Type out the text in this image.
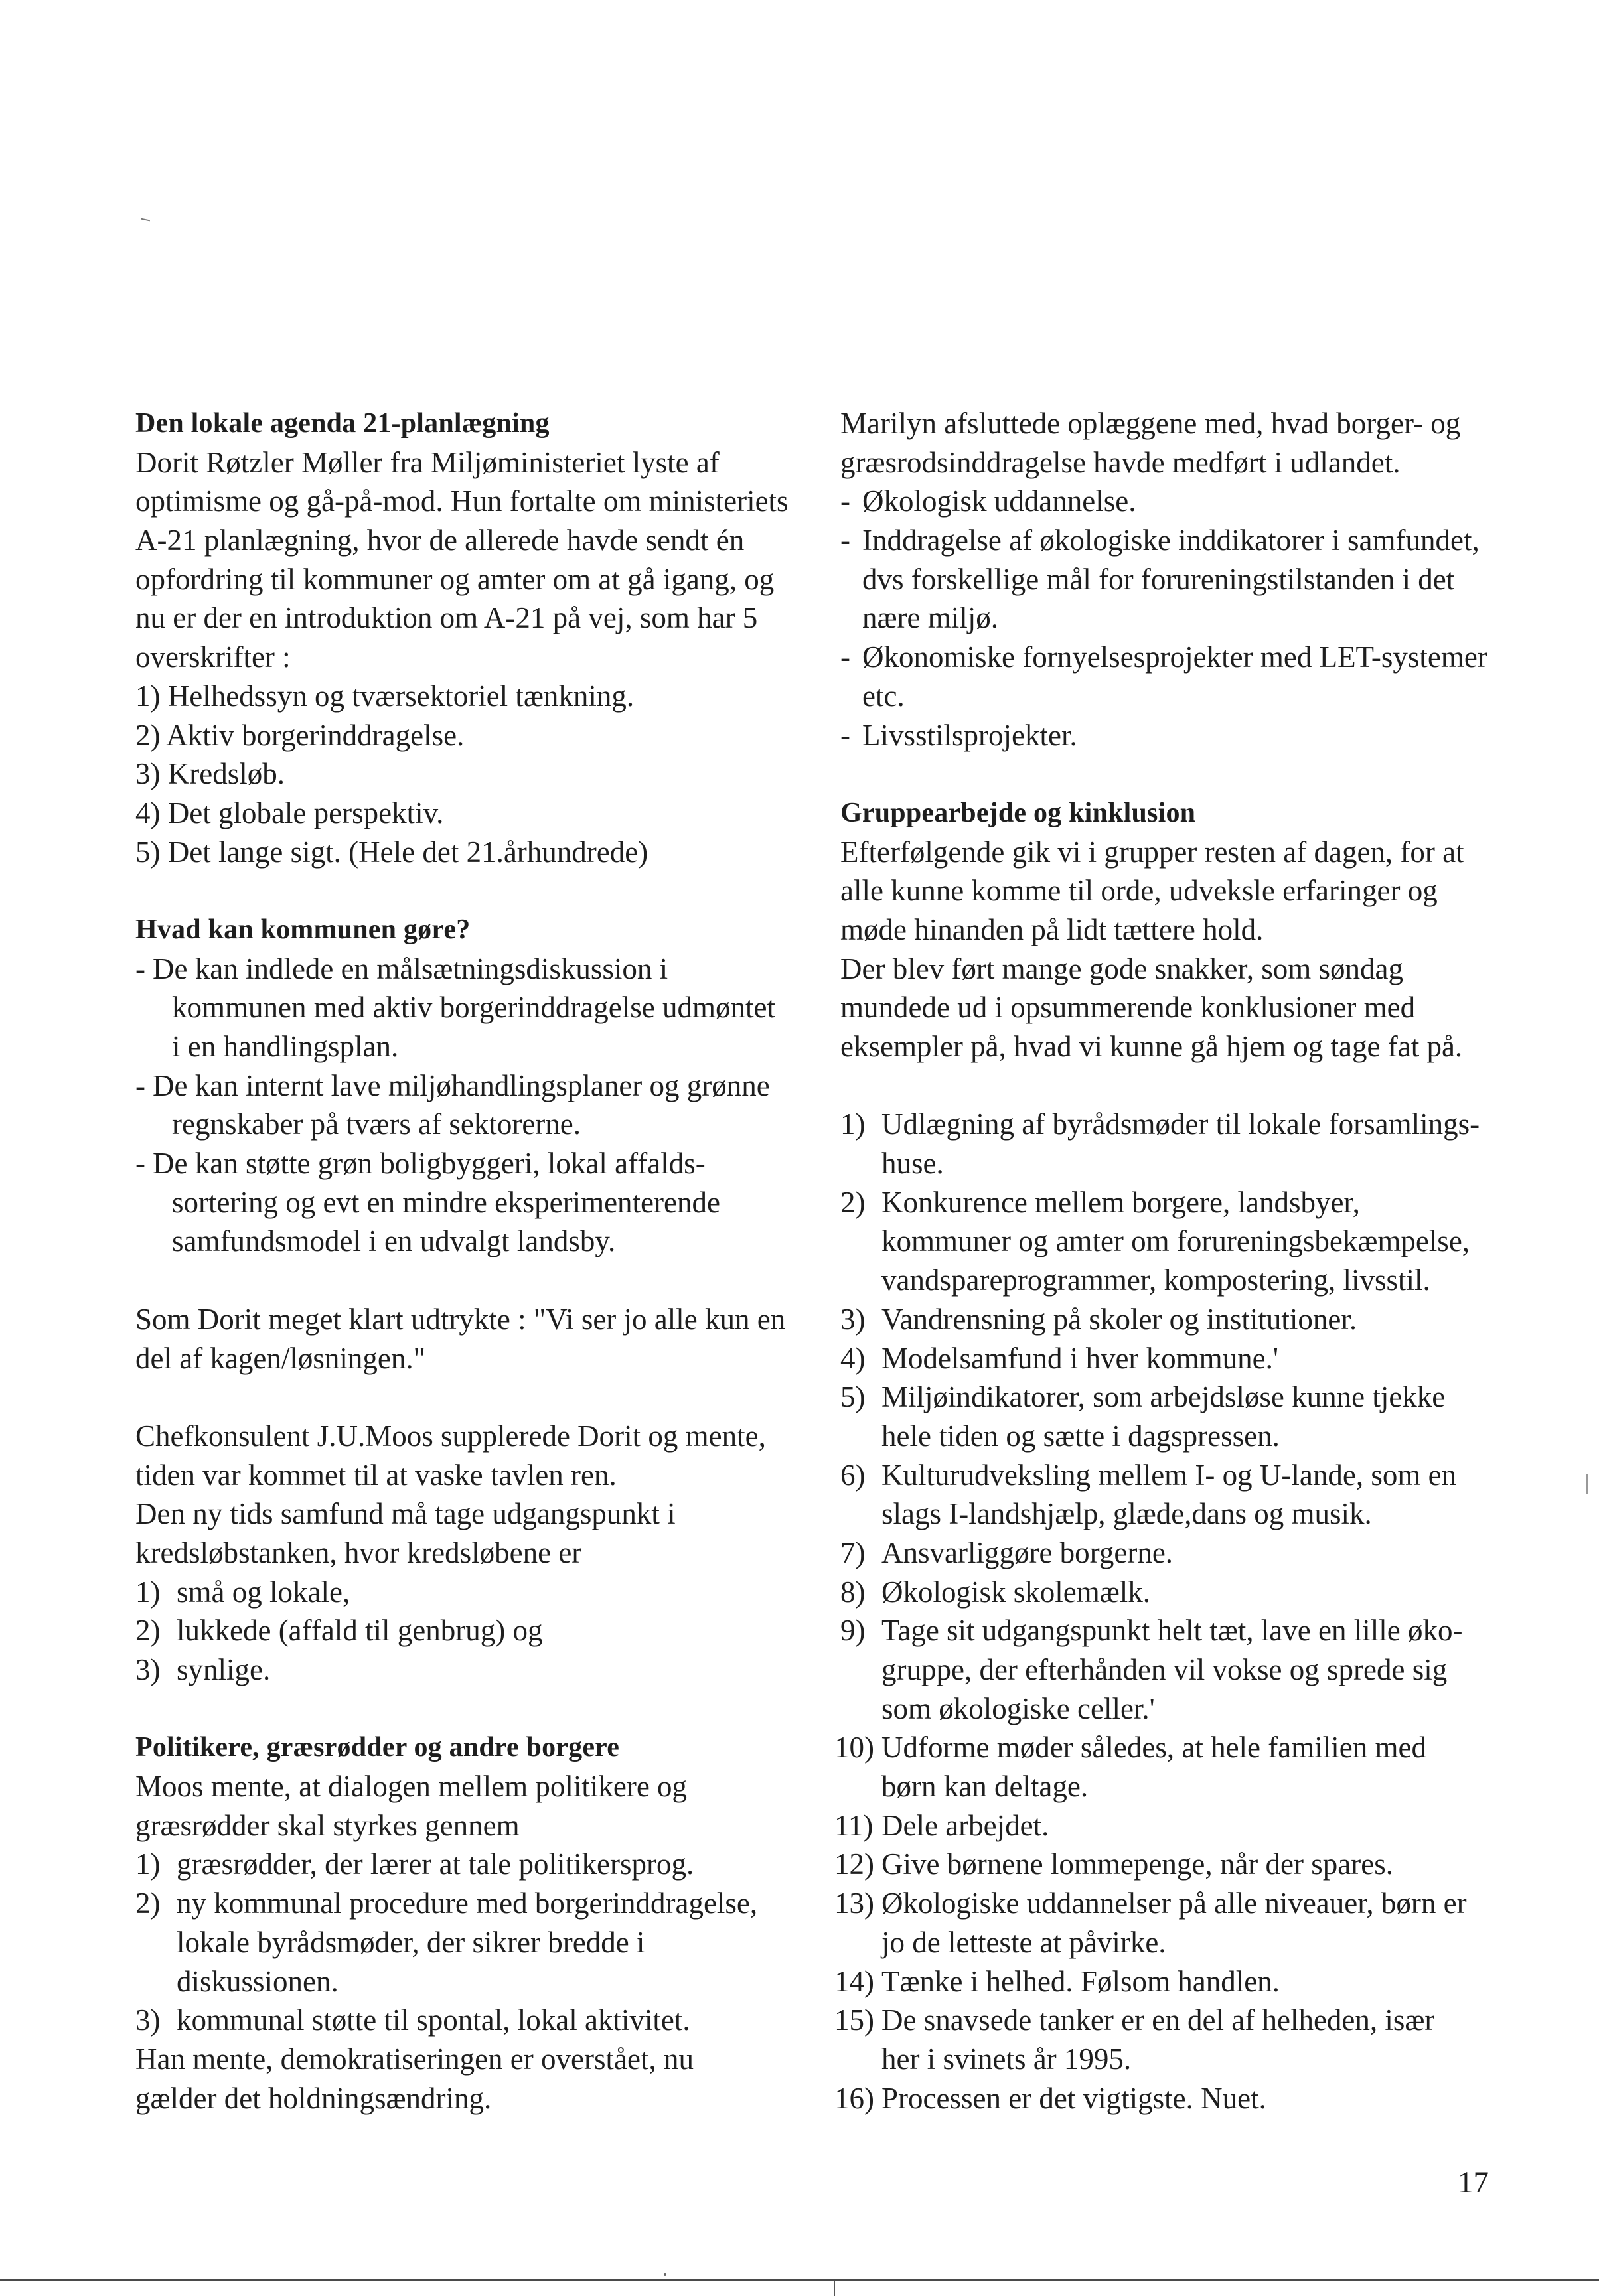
Den lokale agenda 21-planlægning
Dorit Røtzler Møller fra Miljøministeriet lyste af
optimisme og gå-på-mod. Hun fortalte om ministeriets
A-21 planlægning, hvor de allerede havde sendt én
opfordring til kommuner og amter om at gå igang, og
nu er der en introduktion om A-21 på vej, som har 5
overskrifter :
1) Helhedssyn og tværsektoriel tænkning.
2) Aktiv borgerinddragelse.
3) Kredsløb.
4) Det globale perspektiv.
5) Det lange sigt. (Hele det 21.århundrede)
Hvad kan kommunen gøre?
- De kan indlede en målsætningsdiskussion i
kommunen med aktiv borgerinddragelse udmøntet
i en handlingsplan.
- De kan internt lave miljøhandlingsplaner og grønne
regnskaber på tværs af sektorerne.
- De kan støtte grøn boligbyggeri, lokal affalds-
sortering og evt en mindre eksperimenterende
samfundsmodel i en udvalgt landsby.
Som Dorit meget klart udtrykte : "Vi ser jo alle kun en
del af kagen/løsningen."
Chefkonsulent J.U.Moos supplerede Dorit og mente,
tiden var kommet til at vaske tavlen ren.
Den ny tids samfund må tage udgangspunkt i
kredsløbstanken, hvor kredsløbene er
1) små og lokale,
2) lukkede (affald til genbrug) og
3) synlige.
Politikere, græsrødder og andre borgere
Moos mente, at dialogen mellem politikere og
græsrødder skal styrkes gennem
1) græsrødder, der lærer at tale politikersprog.
2) ny kommunal procedure med borgerinddragelse,
lokale byrådsmøder, der sikrer bredde i
diskussionen.
3) kommunal støtte til spontal, lokal aktivitet.
Han mente, demokratiseringen er overstået, nu
gælder det holdningsændring.
Marilyn afsluttede oplæggene med, hvad borger- og
græsrodsinddragelse havde medført i udlandet.
- Økologisk uddannelse.
- Inddragelse af økologiske inddikatorer i samfundet,
dvs forskellige mål for forureningstilstanden i det
nære miljø.
- Økonomiske fornyelsesprojekter med LET-systemer
etc.
- Livsstilsprojekter.
Gruppearbejde og kinklusion
Efterfølgende gik vi i grupper resten af dagen, for at
alle kunne komme til orde, udveksle erfaringer og
møde hinanden på lidt tættere hold.
Der blev ført mange gode snakker, som søndag
mundede ud i opsummerende konklusioner med
eksempler på, hvad vi kunne gå hjem og tage fat på.
1) Udlægning af byrådsmøder til lokale forsamlings-
huse.
2) Konkurence mellem borgere, landsbyer,
kommuner og amter om forureningsbekæmpelse,
vandspareprogrammer, kompostering, livsstil.
3) Vandrensning på skoler og institutioner.
4) Modelsamfund i hver kommune.'
5) Miljøindikatorer, som arbejdsløse kunne tjekke
hele tiden og sætte i dagspressen.
6) Kulturudveksling mellem I- og U-lande, som en
slags I-landshjælp, glæde,dans og musik.
7) Ansvarliggøre borgerne.
8) Økologisk skolemælk.
9) Tage sit udgangspunkt helt tæt, lave en lille øko-
gruppe, der efterhånden vil vokse og sprede sig
som økologiske celler.'
10) Udforme møder således, at hele familien med
børn kan deltage.
11) Dele arbejdet.
12) Give børnene lommepenge, når der spares.
13) Økologiske uddannelser på alle niveauer, børn er
jo de letteste at påvirke.
14) Tænke i helhed. Følsom handlen.
15) De snavsede tanker er en del af helheden, især
her i svinets år 1995.
16) Processen er det vigtigste. Nuet.
17
